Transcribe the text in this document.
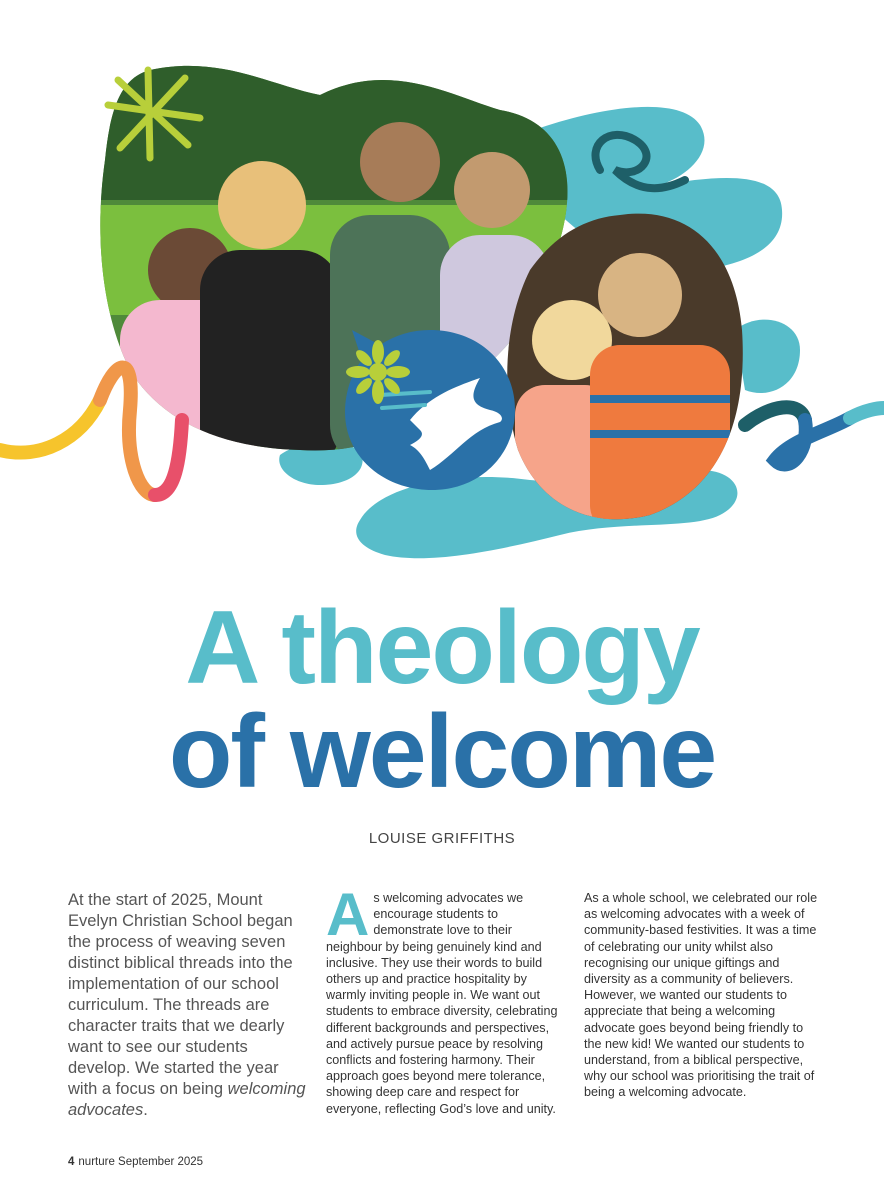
A theology
of welcome
LOUISE GRIFFITHS
At the start of 2025, Mount Evelyn Christian School began the process of weaving seven distinct biblical threads into the implementation of our school curriculum. The threads are character traits that we dearly want to see our students develop. We started the year with a focus on being welcoming advocates.
As welcoming advocates we encourage students to demonstrate love to their neighbour by being genuinely kind and inclusive. They use their words to build others up and practice hospitality by warmly inviting people in. We want out students to embrace diversity, celebrating different backgrounds and perspectives, and actively pursue peace by resolving conflicts and fostering harmony. Their approach goes beyond mere tolerance, showing deep care and respect for everyone, reflecting God’s love and unity.
As a whole school, we celebrated our role as welcoming advocates with a week of community-based festivities. It was a time of celebrating our unity whilst also recognising our unique giftings and diversity as a community of believers. However, we wanted our students to appreciate that being a welcoming advocate goes beyond being friendly to the new kid! We wanted our students to understand, from a biblical perspective, why our school was prioritising the trait of being a welcoming advocate.
4 nurture September 2025
